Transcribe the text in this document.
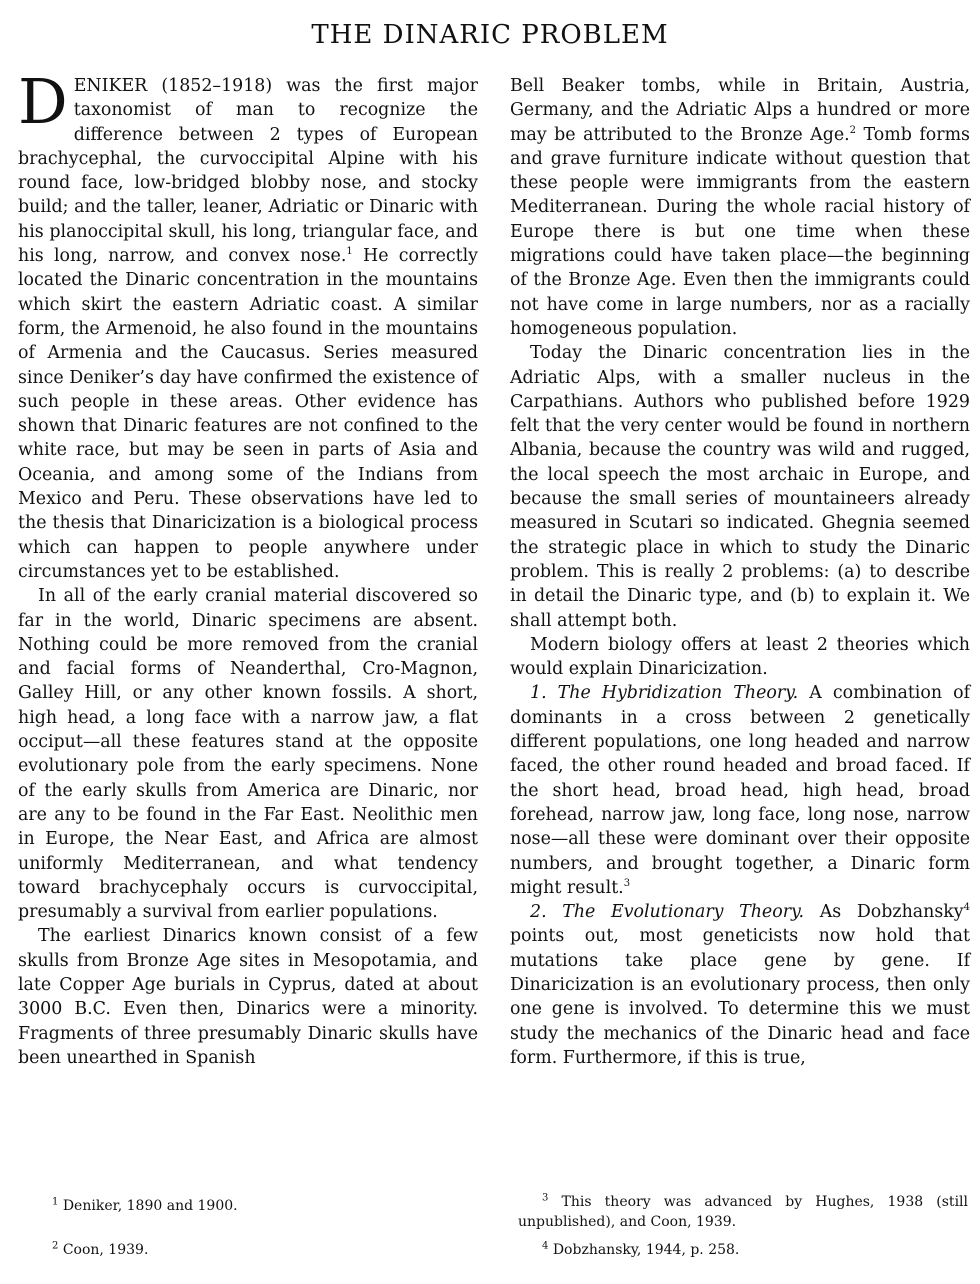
THE DINARIC PROBLEM

DENIKER (1852–1918) was the first major taxonomist of man to recognize the difference between 2 types of European brachycephal, the curvoccipital Alpine with his round face, low-bridged blobby nose, and stocky build; and the taller, leaner, Adriatic or Dinaric with his planoccipital skull, his long, triangular face, and his long, narrow, and convex nose.$^1$ He correctly located the Dinaric concentration in the mountains which skirt the eastern Adriatic coast. A similar form, the Armenoid, he also found in the mountains of Armenia and the Caucasus. Series measured since Deniker’s day have confirmed the existence of such people in these areas. Other evidence has shown that Dinaric features are not confined to the white race, but may be seen in parts of Asia and Oceania, and among some of the Indians from Mexico and Peru. These observations have led to the thesis that Dinaricization is a biological process which can happen to people anywhere under circumstances yet to be established.

In all of the early cranial material discovered so far in the world, Dinaric specimens are absent. Nothing could be more removed from the cranial and facial forms of Neanderthal, Cro-Magnon, Galley Hill, or any other known fossils. A short, high head, a long face with a narrow jaw, a flat occiput—all these features stand at the opposite evolutionary pole from the early specimens. None of the early skulls from America are Dinaric, nor are any to be found in the Far East. Neolithic men in Europe, the Near East, and Africa are almost uniformly Mediterranean, and what tendency toward brachycephaly occurs is curvoccipital, presumably a survival from earlier populations.

The earliest Dinarics known consist of a few skulls from Bronze Age sites in Mesopotamia, and late Copper Age burials in Cyprus, dated at about 3000 B.C. Even then, Dinarics were a minority. Fragments of three presumably Dinaric skulls have been unearthed in Spanish

Bell Beaker tombs, while in Britain, Austria, Germany, and the Adriatic Alps a hundred or more may be attributed to the Bronze Age.$^2$ Tomb forms and grave furniture indicate without question that these people were immigrants from the eastern Mediterranean. During the whole racial history of Europe there is but one time when these migrations could have taken place—the beginning of the Bronze Age. Even then the immigrants could not have come in large numbers, nor as a racially homogeneous population.

Today the Dinaric concentration lies in the Adriatic Alps, with a smaller nucleus in the Carpathians. Authors who published before 1929 felt that the very center would be found in northern Albania, because the country was wild and rugged, the local speech the most archaic in Europe, and because the small series of mountaineers already measured in Scutari so indicated. Ghegnia seemed the strategic place in which to study the Dinaric problem. This is really 2 problems: (a) to describe in detail the Dinaric type, and (b) to explain it. We shall attempt both.

Modern biology offers at least 2 theories which would explain Dinaricization.

1. The Hybridization Theory. A combination of dominants in a cross between 2 genetically different populations, one long headed and narrow faced, the other round headed and broad faced. If the short head, broad head, high head, broad forehead, narrow jaw, long face, long nose, narrow nose—all these were dominant over their opposite numbers, and brought together, a Dinaric form might result.$^3$

2. The Evolutionary Theory. As Dobzhansky$^4$ points out, most geneticists now hold that mutations take place gene by gene. If Dinaricization is an evolutionary process, then only one gene is involved. To determine this we must study the mechanics of the Dinaric head and face form. Furthermore, if this is true,

$^1$ Deniker, 1890 and 1900.
$^2$ Coon, 1939.
$^3$ This theory was advanced by Hughes, 1938 (still unpublished), and Coon, 1939.
$^4$ Dobzhansky, 1944, p. 258.
